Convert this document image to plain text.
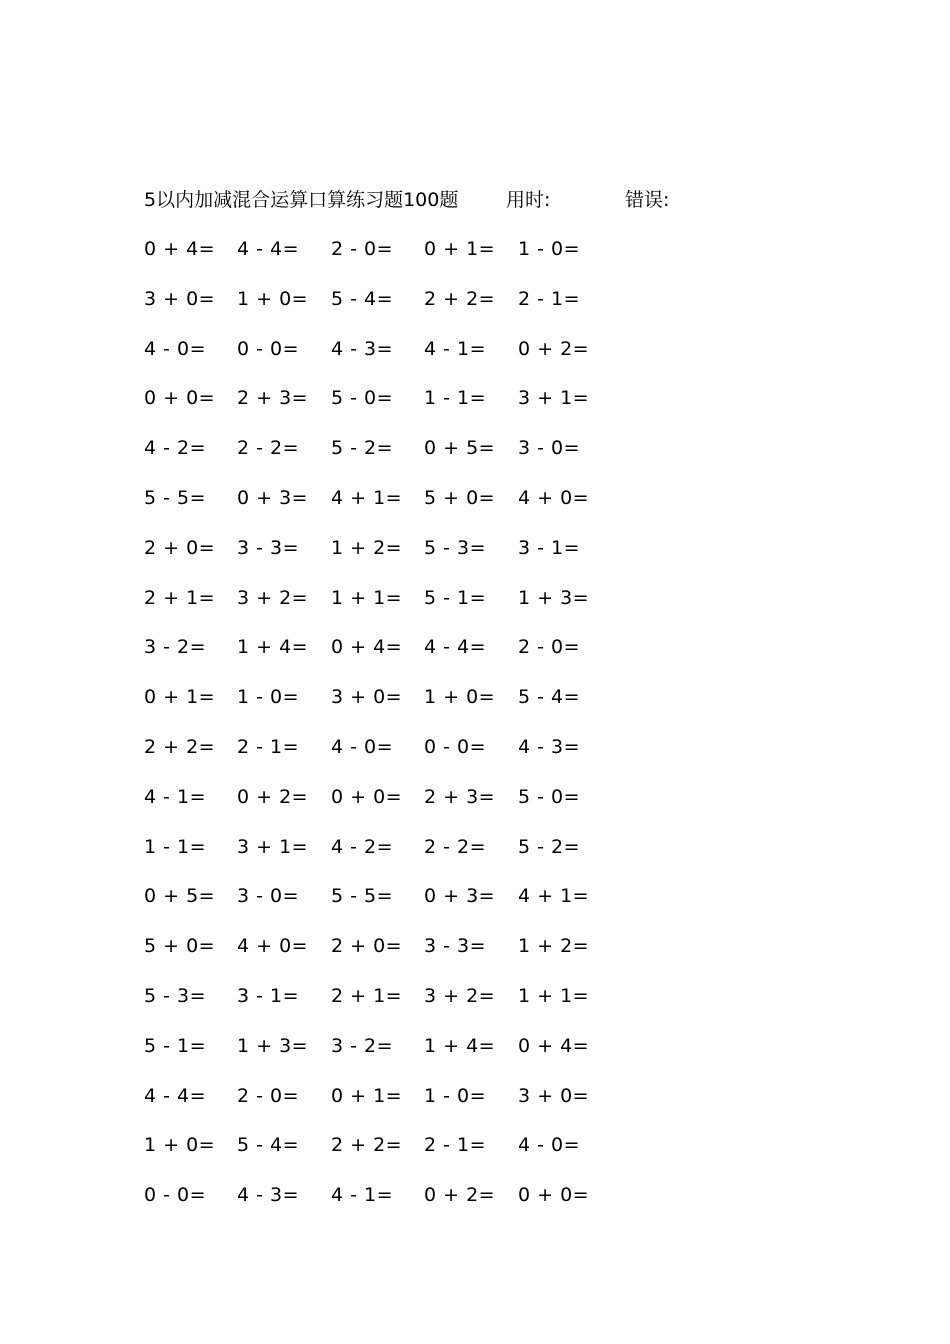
5以内加减混合运算口算练习题100题	用时:	错误:
0 + 4= 4 - 4= 2 - 0= 0 + 1= 1 - 0=
3 + 0= 1 + 0= 5 - 4= 2 + 2= 2 - 1=
4 - 0= 0 - 0= 4 - 3= 4 - 1= 0 + 2=
0 + 0= 2 + 3= 5 - 0= 1 - 1= 3 + 1=
4 - 2= 2 - 2= 5 - 2= 0 + 5= 3 - 0=
5 - 5= 0 + 3= 4 + 1= 5 + 0= 4 + 0=
2 + 0= 3 - 3= 1 + 2= 5 - 3= 3 - 1=
2 + 1= 3 + 2= 1 + 1= 5 - 1= 1 + 3=
3 - 2= 1 + 4= 0 + 4= 4 - 4= 2 - 0=
0 + 1= 1 - 0= 3 + 0= 1 + 0= 5 - 4=
2 + 2= 2 - 1= 4 - 0= 0 - 0= 4 - 3=
4 - 1= 0 + 2= 0 + 0= 2 + 3= 5 - 0=
1 - 1= 3 + 1= 4 - 2= 2 - 2= 5 - 2=
0 + 5= 3 - 0= 5 - 5= 0 + 3= 4 + 1=
5 + 0= 4 + 0= 2 + 0= 3 - 3= 1 + 2=
5 - 3= 3 - 1= 2 + 1= 3 + 2= 1 + 1=
5 - 1= 1 + 3= 3 - 2= 1 + 4= 0 + 4=
4 - 4= 2 - 0= 0 + 1= 1 - 0= 3 + 0=
1 + 0= 5 - 4= 2 + 2= 2 - 1= 4 - 0=
0 - 0= 4 - 3= 4 - 1= 0 + 2= 0 + 0=
